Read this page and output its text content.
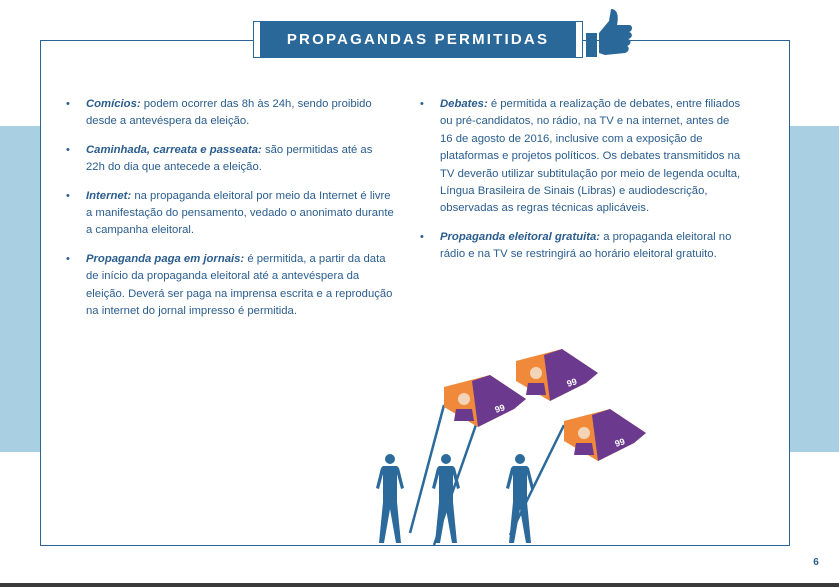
PROPAGANDAS PERMITIDAS
• Comícios: podem ocorrer das 8h às 24h, sendo proibido desde a antevéspera da eleição.
• Caminhada, carreata e passeata: são permitidas até as 22h do dia que antecede a eleição.
• Internet: na propaganda eleitoral por meio da Internet é livre a manifestação do pensamento, vedado o anonimato durante a campanha eleitoral.
• Propaganda paga em jornais: é permitida, a partir da data de início da propaganda eleitoral até a antevéspera da eleição. Deverá ser paga na imprensa escrita e a reprodução na internet do jornal impresso é permitida.
• Debates: é permitida a realização de debates, entre filiados ou pré-candidatos, no rádio, na TV e na internet, antes de 16 de agosto de 2016, inclusive com a exposição de plataformas e projetos políticos. Os debates transmitidos na TV deverão utilizar subtitulação por meio de legenda oculta, Língua Brasileira de Sinais (Libras) e audiodescrição, observadas as regras técnicas aplicáveis.
• Propaganda eleitoral gratuita: a propaganda eleitoral no rádio e na TV se restringirá ao horário eleitoral gratuito.
99
99
99
6
